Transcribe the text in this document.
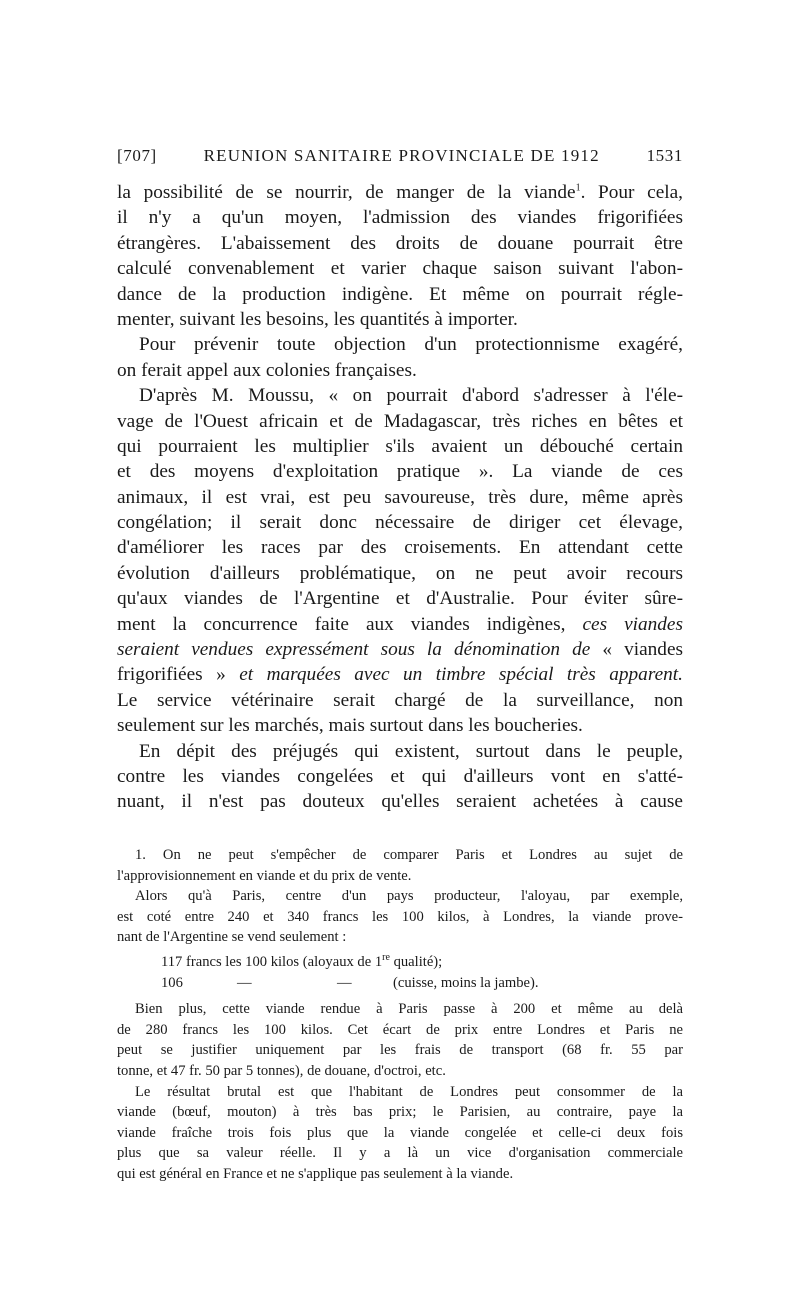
[707]	REUNION SANITAIRE PROVINCIALE DE 1912	1531
la possibilité de se nourrir, de manger de la viande$^1$. Pour cela,
il n'y a qu'un moyen, l'admission des viandes frigorifiées
étrangères. L'abaissement des droits de douane pourrait être
calculé convenablement et varier chaque saison suivant l'abon-
dance de la production indigène. Et même on pourrait régle-
menter, suivant les besoins, les quantités à importer.
Pour prévenir toute objection d'un protectionnisme exagéré,
on ferait appel aux colonies françaises.
D'après M. Moussu, « on pourrait d'abord s'adresser à l'éle-
vage de l'Ouest africain et de Madagascar, très riches en bêtes et
qui pourraient les multiplier s'ils avaient un débouché certain
et des moyens d'exploitation pratique ». La viande de ces
animaux, il est vrai, est peu savoureuse, très dure, même après
congélation; il serait donc nécessaire de diriger cet élevage,
d'améliorer les races par des croisements. En attendant cette
évolution d'ailleurs problématique, on ne peut avoir recours
qu'aux viandes de l'Argentine et d'Australie. Pour éviter sûre-
ment la concurrence faite aux viandes indigènes, ces viandes
seraient vendues expressément sous la dénomination de « viandes
frigorifiées » et marquées avec un timbre spécial très apparent.
Le service vétérinaire serait chargé de la surveillance, non
seulement sur les marchés, mais surtout dans les boucheries.
En dépit des préjugés qui existent, surtout dans le peuple,
contre les viandes congelées et qui d'ailleurs vont en s'atté-
nuant, il n'est pas douteux qu'elles seraient achetées à cause
1. On ne peut s'empêcher de comparer Paris et Londres au sujet de
l'approvisionnement en viande et du prix de vente.
Alors qu'à Paris, centre d'un pays producteur, l'aloyau, par exemple,
est coté entre 240 et 340 francs les 100 kilos, à Londres, la viande prove-
nant de l'Argentine se vend seulement :
117 francs les 100 kilos (aloyaux de 1re qualité);
106	—	—	(cuisse, moins la jambe).
Bien plus, cette viande rendue à Paris passe à 200 et même au delà
de 280 francs les 100 kilos. Cet écart de prix entre Londres et Paris ne
peut se justifier uniquement par les frais de transport (68 fr. 55 par
tonne, et 47 fr. 50 par 5 tonnes), de douane, d'octroi, etc.
Le résultat brutal est que l'habitant de Londres peut consommer de la
viande (bœuf, mouton) à très bas prix; le Parisien, au contraire, paye la
viande fraîche trois fois plus que la viande congelée et celle-ci deux fois
plus que sa valeur réelle. Il y a là un vice d'organisation commerciale
qui est général en France et ne s'applique pas seulement à la viande.
